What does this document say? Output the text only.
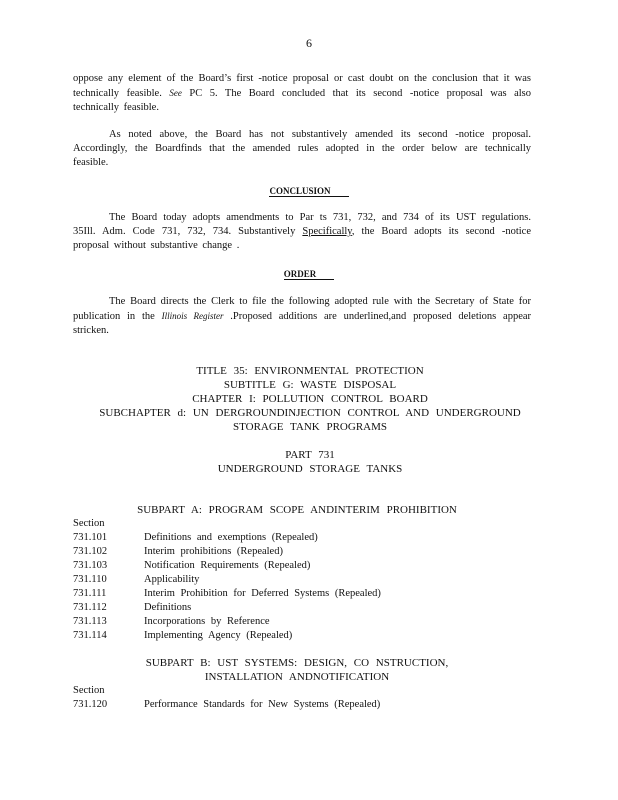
6
oppose any element of the Board’s first -notice proposal or cast doubt on the conclusion that it was technically feasible. See PC 5. The Board concluded that its second -notice proposal was also technically feasible.
As noted above, the Board has not substantively amended its second -notice proposal. Accordingly, the Boardfinds that the amended rules adopted in the order below are technically feasible.
CONCLUSION
The Board today adopts amendments to Par ts 731, 732, and 734 of its UST regulations. 35Ill. Adm. Code 731, 732, 734. Substantively Specifically, the Board adopts its second -notice proposal without substantive change .
ORDER
The Board directs the Clerk to file the following adopted rule with the Secretary of State for publication in the Illinois Register .Proposed additions are underlined,and proposed deletions appear stricken.
TITLE 35: ENVIRONMENTAL PROTECTION
SUBTITLE G: WASTE DISPOSAL
CHAPTER I: POLLUTION CONTROL BOARD
SUBCHAPTER d: UN DERGROUNDINJECTION CONTROL AND UNDERGROUND
STORAGE TANK PROGRAMS
PART 731
UNDERGROUND STORAGE TANKS
SUBPART A: PROGRAM SCOPE ANDINTERIM PROHIBITION
Section
731.101	Definitions and exemptions (Repealed)
731.102	Interim prohibitions (Repealed)
731.103	Notification Requirements (Repealed)
731.110	Applicability
731.111	Interim Prohibition for Deferred Systems (Repealed)
731.112	Definitions
731.113	Incorporations by Reference
731.114	Implementing Agency (Repealed)
SUBPART B: UST SYSTEMS: DESIGN, CO NSTRUCTION,
INSTALLATION ANDNOTIFICATION
Section
731.120	Performance Standards for New Systems (Repealed)
